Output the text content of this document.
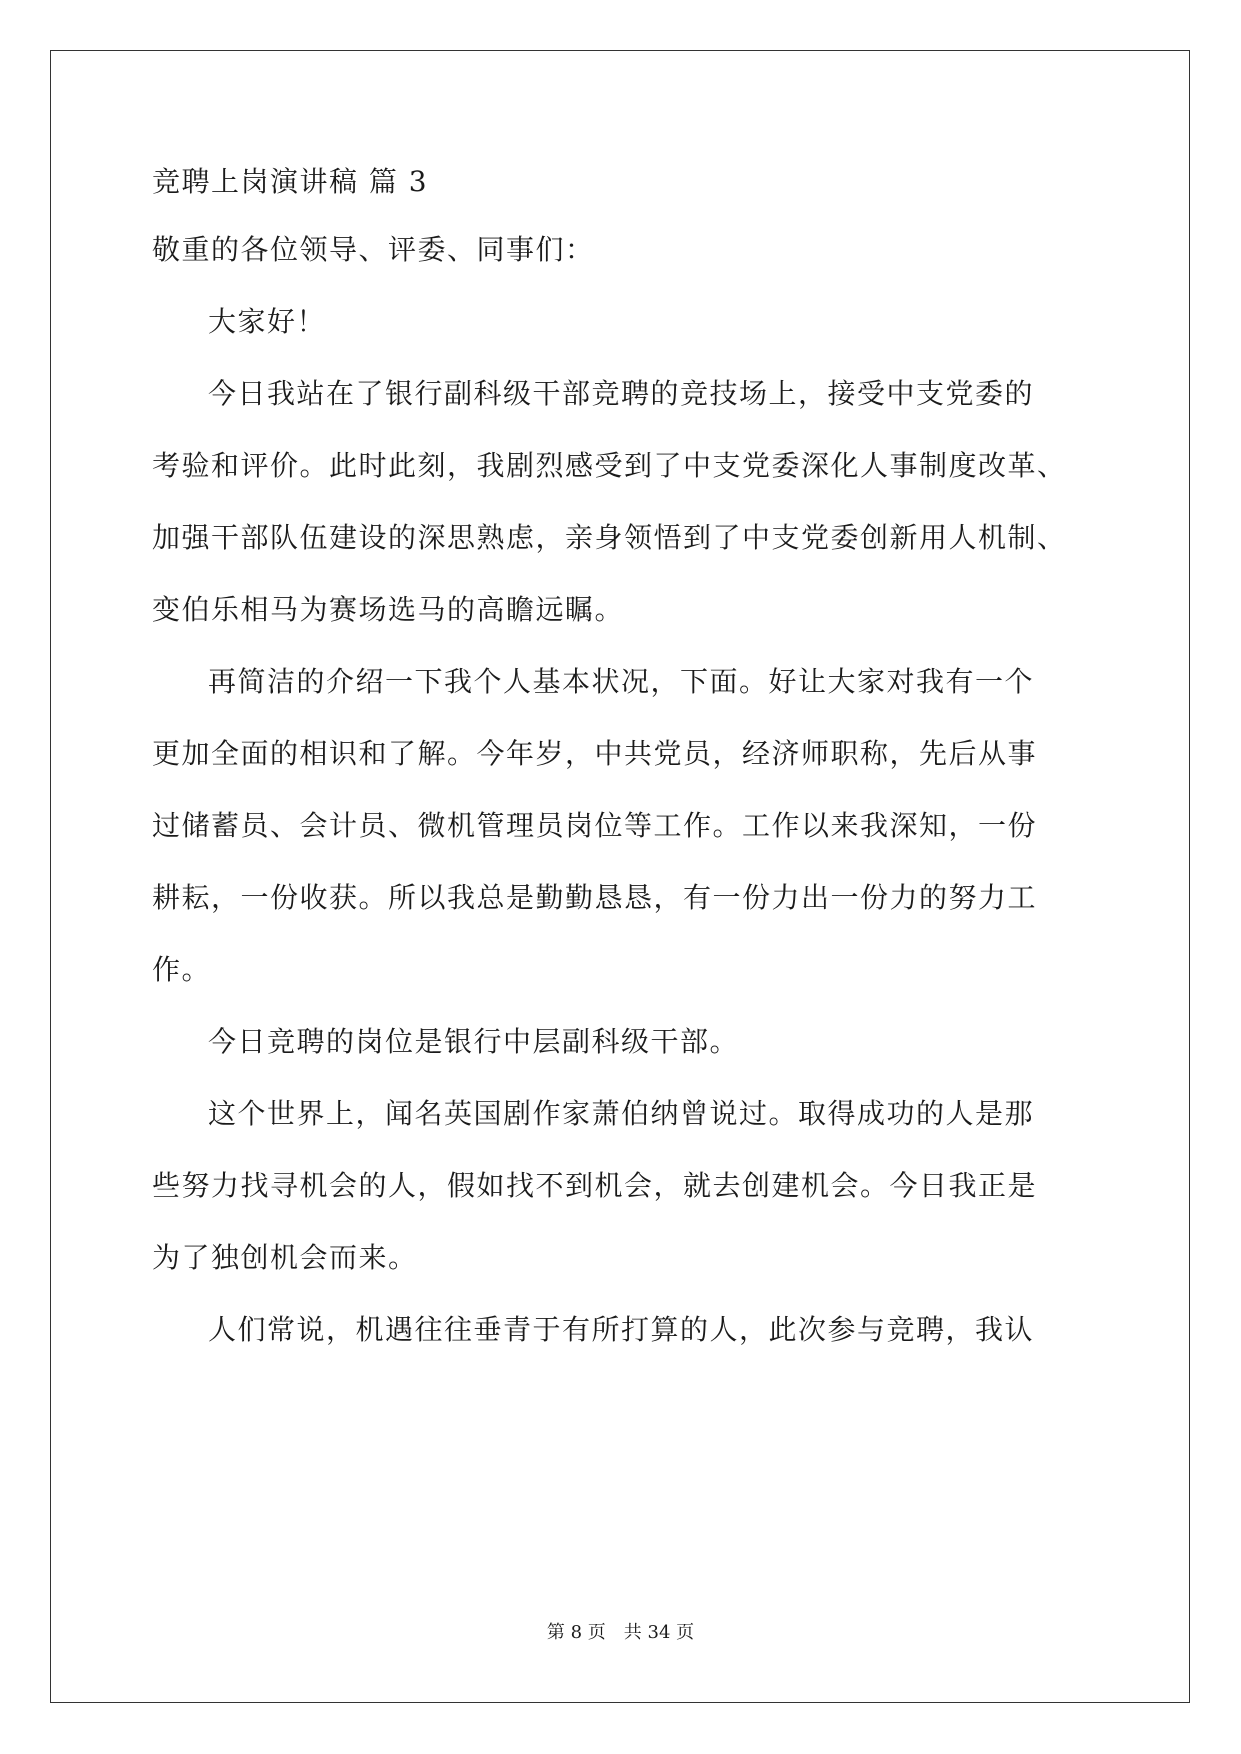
竞聘上岗演讲稿 篇 3
敬重的各位领导、评委、同事们：
大家好！
今日我站在了银行副科级干部竞聘的竞技场上，接受中支党委的
考验和评价。此时此刻，我剧烈感受到了中支党委深化人事制度改革、
加强干部队伍建设的深思熟虑，亲身领悟到了中支党委创新用人机制、
变伯乐相马为赛场选马的高瞻远瞩。
再简洁的介绍一下我个人基本状况，下面。好让大家对我有一个
更加全面的相识和了解。今年岁，中共党员，经济师职称，先后从事
过储蓄员、会计员、微机管理员岗位等工作。工作以来我深知，一份
耕耘，一份收获。所以我总是勤勤恳恳，有一份力出一份力的努力工
作。
今日竞聘的岗位是银行中层副科级干部。
这个世界上，闻名英国剧作家萧伯纳曾说过。取得成功的人是那
些努力找寻机会的人，假如找不到机会，就去创建机会。今日我正是
为了独创机会而来。
人们常说，机遇往往垂青于有所打算的人，此次参与竞聘，我认
第 8 页 共 34 页
